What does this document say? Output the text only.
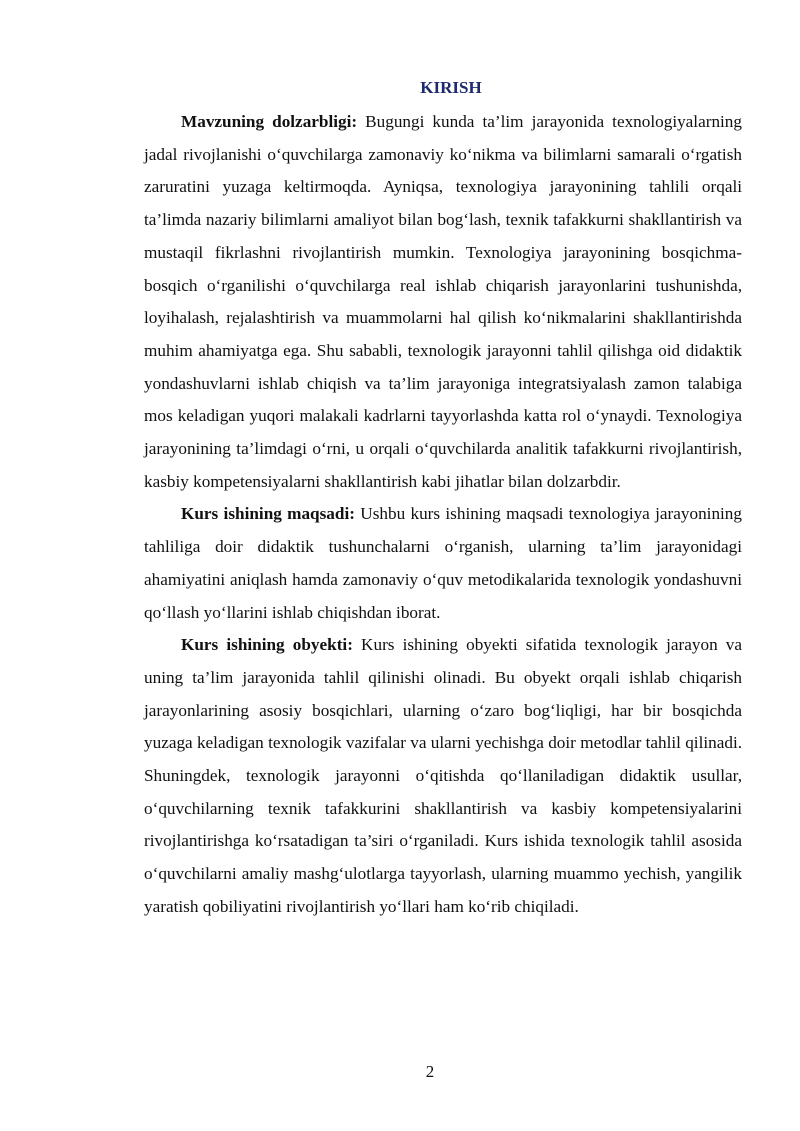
KIRISH

Mavzuning dolzarbligi: Bugungi kunda ta’lim jarayonida texnologiyalarning jadal rivojlanishi o‘quvchilarga zamonaviy ko‘nikma va bilimlarni samarali o‘rgatish zaruratini yuzaga keltirmoqda. Ayniqsa, texnologiya jarayonining tahlili orqali ta’limda nazariy bilimlarni amaliyot bilan bog‘lash, texnik tafakkurni shakllantirish va mustaqil fikrlashni rivojlantirish mumkin. Texnologiya jarayonining bosqichma-bosqich o‘rganilishi o‘quvchilarga real ishlab chiqarish jarayonlarini tushunishda, loyihalash, rejalashtirish va muammolarni hal qilish ko‘nikmalarini shakllantirishda muhim ahamiyatga ega. Shu sababli, texnologik jarayonni tahlil qilishga oid didaktik yondashuvlarni ishlab chiqish va ta’lim jarayoniga integratsiyalash zamon talabiga mos keladigan yuqori malakali kadrlarni tayyorlashda katta rol o‘ynaydi. Texnologiya jarayonining ta’limdagi o‘rni, u orqali o‘quvchilarda analitik tafakkurni rivojlantirish, kasbiy kompetensiyalarni shakllantirish kabi jihatlar bilan dolzarbdir.

Kurs ishining maqsadi: Ushbu kurs ishining maqsadi texnologiya jarayonining tahliliga doir didaktik tushunchalarni o‘rganish, ularning ta’lim jarayonidagi ahamiyatini aniqlash hamda zamonaviy o‘quv metodikalarida texnologik yondashuvni qo‘llash yo‘llarini ishlab chiqishdan iborat.

Kurs ishining obyekti: Kurs ishining obyekti sifatida texnologik jarayon va uning ta’lim jarayonida tahlil qilinishi olinadi. Bu obyekt orqali ishlab chiqarish jarayonlarining asosiy bosqichlari, ularning o‘zaro bog‘liqligi, har bir bosqichda yuzaga keladigan texnologik vazifalar va ularni yechishga doir metodlar tahlil qilinadi. Shuningdek, texnologik jarayonni o‘qitishda qo‘llaniladigan didaktik usullar, o‘quvchilarning texnik tafakkurini shakllantirish va kasbiy kompetensiyalarini rivojlantirishga ko‘rsatadigan ta’siri o‘rganiladi. Kurs ishida texnologik tahlil asosida o‘quvchilarni amaliy mashg‘ulotlarga tayyorlash, ularning muammo yechish, yangilik yaratish qobiliyatini rivojlantirish yo‘llari ham ko‘rib chiqiladi.

2
